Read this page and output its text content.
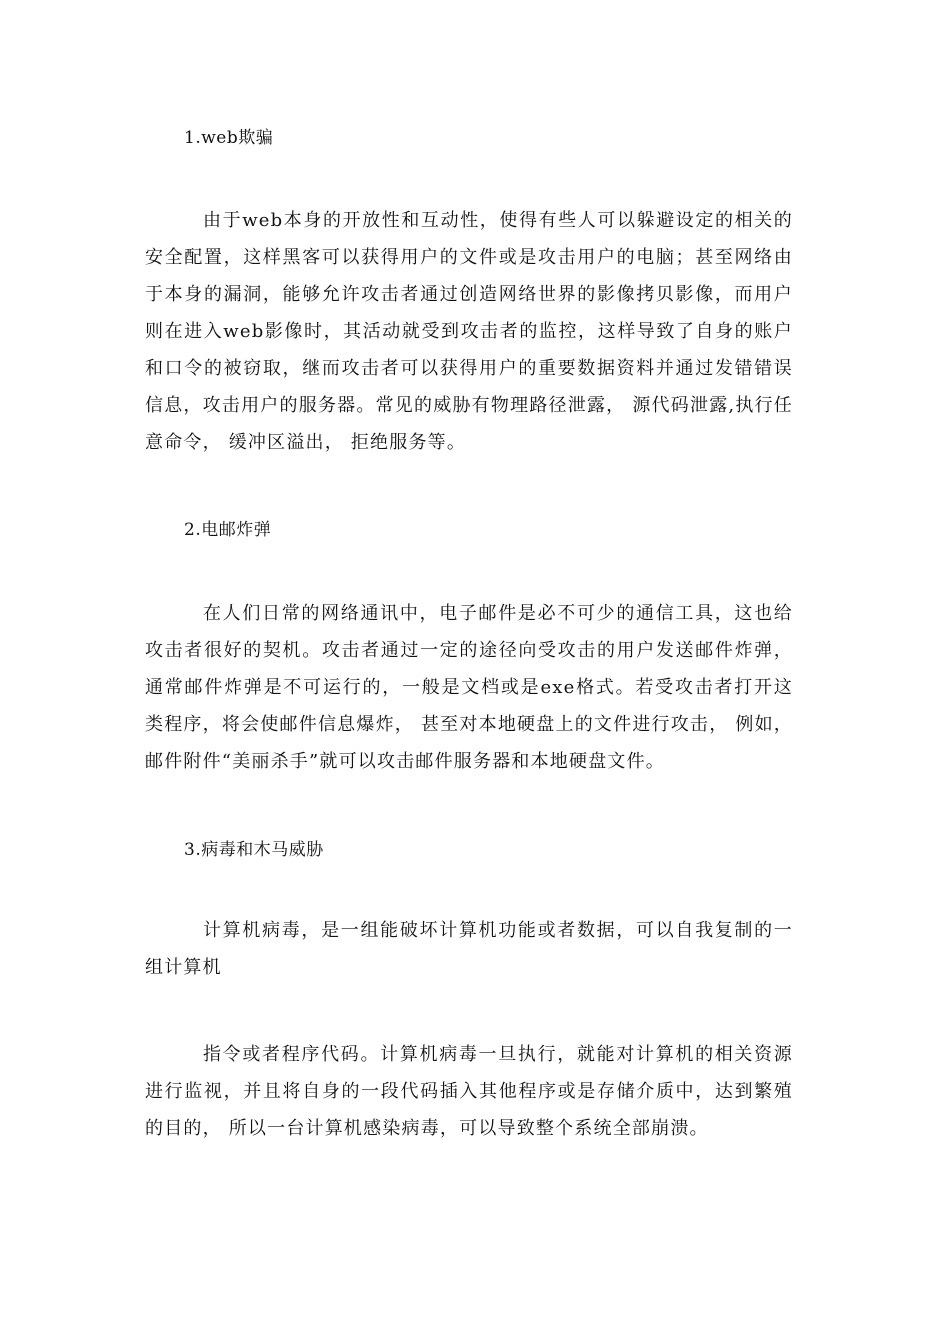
1.web欺骗

由于web本身的开放性和互动性，使得有些人可以躲避设定的相关的安全配置，这样黑客可以获得用户的文件或是攻击用户的电脑；甚至网络由于本身的漏洞，能够允许攻击者通过创造网络世界的影像拷贝影像，而用户则在进入web影像时，其活动就受到攻击者的监控，这样导致了自身的账户和口令的被窃取，继而攻击者可以获得用户的重要数据资料并通过发错错误信息，攻击用户的服务器。常见的威胁有物理路径泄露， 源代码泄露,执行任意命令， 缓冲区溢出， 拒绝服务等。

2.电邮炸弹

在人们日常的网络通讯中，电子邮件是必不可少的通信工具，这也给攻击者很好的契机。攻击者通过一定的途径向受攻击的用户发送邮件炸弹，通常邮件炸弹是不可运行的，一般是文档或是exe格式。若受攻击者打开这类程序，将会使邮件信息爆炸， 甚至对本地硬盘上的文件进行攻击， 例如， 邮件附件“美丽杀手”就可以攻击邮件服务器和本地硬盘文件。

3.病毒和木马威胁

计算机病毒，是一组能破坏计算机功能或者数据，可以自我复制的一组计算机

指令或者程序代码。计算机病毒一旦执行，就能对计算机的相关资源进行监视，并且将自身的一段代码插入其他程序或是存储介质中，达到繁殖的目的， 所以一台计算机感染病毒，可以导致整个系统全部崩溃。
